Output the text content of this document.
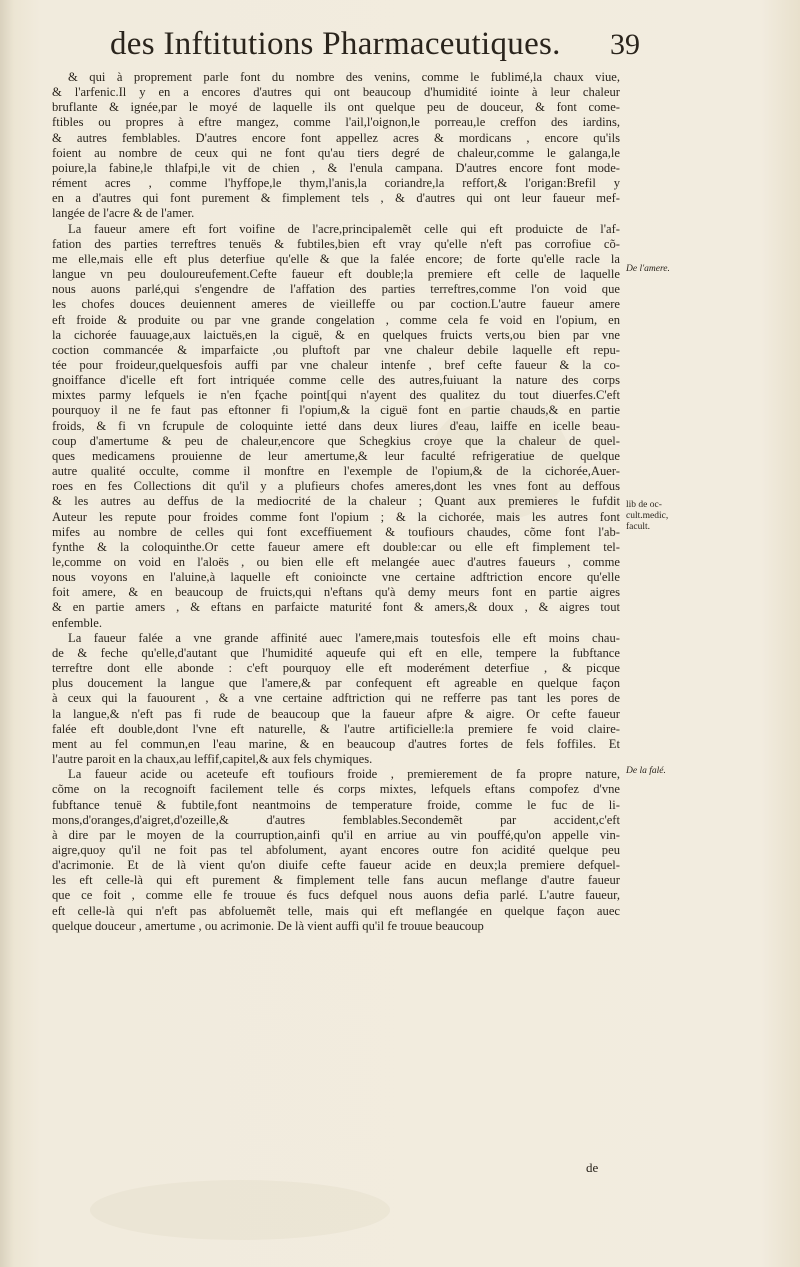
des Inftitutions Pharmaceutiques. 39
& qui à proprement parle font du nombre des venins, comme le fublimé,la chaux viue,
& l'arfenic.Il y en a encores d'autres qui ont beaucoup d'humidité iointe à leur chaleur
bruflante & ignée,par le moyé de laquelle ils ont quelque peu de douceur, & font come-
ftibles ou propres à eftre mangez, comme l'ail,l'oignon,le porreau,le creffon des iardins,
& autres femblables. D'autres encore font appellez acres & mordicans , encore qu'ils
foient au nombre de ceux qui ne font qu'au tiers degré de chaleur,comme le galanga,le
poiure,la fabine,le thlafpi,le vit de chien , & l'enula campana. D'autres encore font mode-
rément acres , comme l'hyffope,le thym,l'anis,la coriandre,la reffort,& l'origan:Brefil y
en a d'autres qui font purement & fimplement tels , & d'autres qui ont leur faueur mef-
langée de l'acre & de l'amer.
La faueur amere eft fort voifine de l'acre,principalemẽt celle qui eft produicte de l'af-
fation des parties terreftres tenuës & fubtiles,bien eft vray qu'elle n'eft pas corrofiue cõ-
me elle,mais elle eft plus deterfiue qu'elle & que la falée encore; de forte qu'elle racle la
langue vn peu douloureufement.Cefte faueur eft double;la premiere eft celle de laquelle
nous auons parlé,qui s'engendre de l'affation des parties terreftres,comme l'on void que
les chofes douces deuiennent ameres de vieilleffe ou par coction.L'autre faueur amere
eft froide & produite ou par vne grande congelation , comme cela fe void en l'opium, en
la cichorée fauuage,aux laictuës,en la ciguë, & en quelques fruicts verts,ou bien par vne
coction commancée & imparfaicte ,ou pluftoft par vne chaleur debile laquelle eft repu-
tée pour froideur,quelquesfois auffi par vne chaleur intenfe , bref cefte faueur & la co-
gnoiffance d'icelle eft fort intriquée comme celle des autres,fuiuant la nature des corps
mixtes parmy lefquels ie n'en fçache point[qui n'ayent des qualitez du tout diuerfes.C'eft
pourquoy il ne fe faut pas eftonner fi l'opium,& la ciguë font en partie chauds,& en partie
froids, & fi vn fcrupule de coloquinte ietté dans deux liures d'eau, laiffe en icelle beau-
coup d'amertume & peu de chaleur,encore que Schegkius croye que la chaleur de quel-
ques medicamens prouienne de leur amertume,& leur faculté refrigeratiue de quelque
autre qualité occulte, comme il monftre en l'exemple de l'opium,& de la cichorée,Auer-
roes en fes Collections dit qu'il y a plufieurs chofes ameres,dont les vnes font au deffous
& les autres au deffus de la mediocrité de la chaleur ; Quant aux premieres le fufdit
Auteur les repute pour froides comme font l'opium ; & la cichorée, mais les autres font
mifes au nombre de celles qui font exceffiuement & toufiours chaudes, cõme font l'ab-
fynthe & la coloquinthe.Or cette faueur amere eft double:car ou elle eft fimplement tel-
le,comme on void en l'aloës , ou bien elle eft melangée auec d'autres faueurs , comme
nous voyons en l'aluine,à laquelle eft conioincte vne certaine adftriction encore qu'elle
foit amere, & en beaucoup de fruicts,qui n'eftans qu'à demy meurs font en partie aigres
& en partie amers , & eftans en parfaicte maturité font & amers,& doux , & aigres tout
enfemble.
La faueur falée a vne grande affinité auec l'amere,mais toutesfois elle eft moins chau-
de & feche qu'elle,d'autant que l'humidité aqueufe qui eft en elle, tempere la fubftance
terreftre dont elle abonde : c'eft pourquoy elle eft moderément deterfiue , & picque
plus doucement la langue que l'amere,& par confequent eft agreable en quelque façon
à ceux qui la fauourent , & a vne certaine adftriction qui ne refferre pas tant les pores de
la langue,& n'eft pas fi rude de beaucoup que la faueur afpre & aigre. Or cefte faueur
falée eft double,dont l'vne eft naturelle, & l'autre artificielle:la premiere fe void claire-
ment au fel commun,en l'eau marine, & en beaucoup d'autres fortes de fels foffiles. Et
l'autre paroit en la chaux,au leffif,capitel,& aux fels chymiques.
La faueur acide ou aceteufe eft toufiours froide , premierement de fa propre nature,
cõme on la recognoift facilement telle és corps mixtes, lefquels eftans compofez d'vne
fubftance tenuë & fubtile,font neantmoins de temperature froide, comme le fuc de li-
mons,d'oranges,d'aigret,d'ozeille,& d'autres femblables.Secondemẽt par accident,c'eft
à dire par le moyen de la courruption,ainfi qu'il en arriue au vin pouffé,qu'on appelle vin-
aigre,quoy qu'il ne foit pas tel abfolument, ayant encores outre fon acidité quelque peu
d'acrimonie. Et de là vient qu'on diuife cefte faueur acide en deux;la premiere defquel-
les eft celle-là qui eft purement & fimplement telle fans aucun meflange d'autre faueur
que ce foit , comme elle fe trouue és fucs defquel nous auons defia parlé. L'autre faueur,
eft celle-là qui n'eft pas abfoluemẽt telle, mais qui eft meflangée en quelque façon auec
quelque douceur , amertume , ou acrimonie. De là vient auffi qu'il fe trouue beaucoup
De l'amere.
lib de oc-
cult.medic,
facult.
De la falé.
de
